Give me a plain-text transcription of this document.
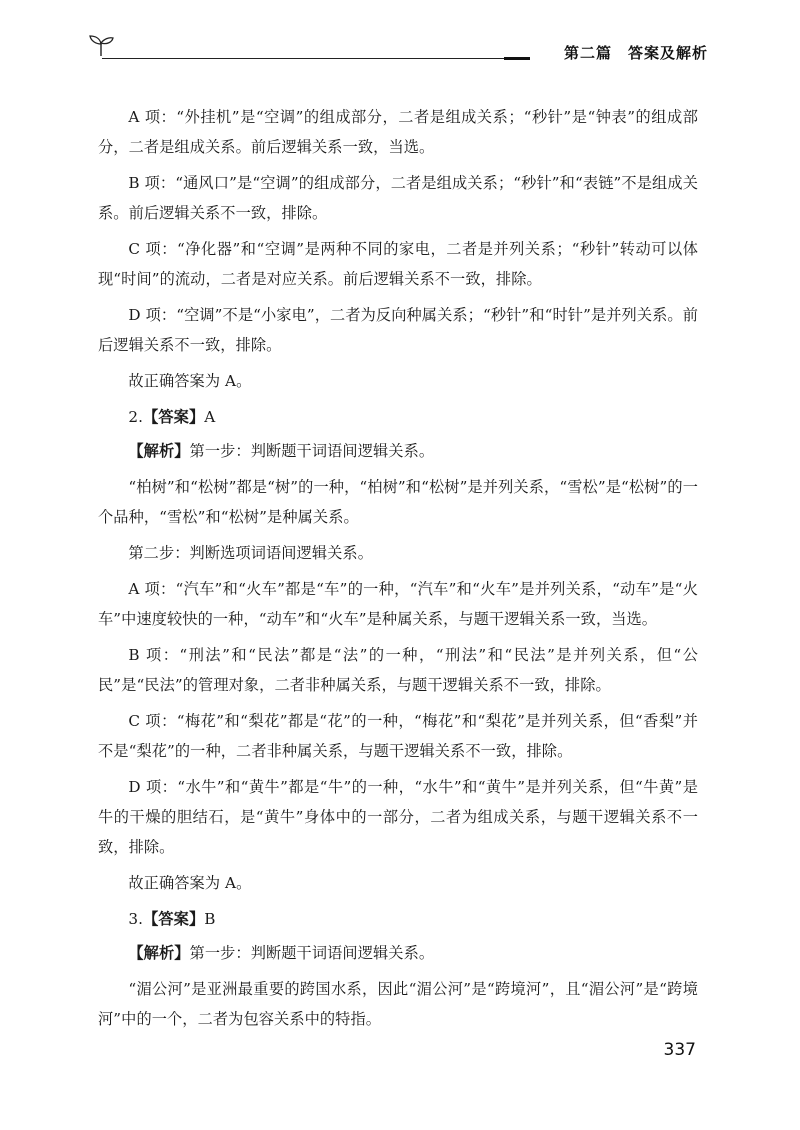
第二篇　答案及解析

A 项：“外挂机”是“空调”的组成部分，二者是组成关系；“秒针”是“钟表”的组成部分，二者是组成关系。前后逻辑关系一致，当选。

B 项：“通风口”是“空调”的组成部分，二者是组成关系；“秒针”和“表链”不是组成关系。前后逻辑关系不一致，排除。

C 项：“净化器”和“空调”是两种不同的家电，二者是并列关系；“秒针”转动可以体现“时间”的流动，二者是对应关系。前后逻辑关系不一致，排除。

D 项：“空调”不是“小家电”，二者为反向种属关系；“秒针”和“时针”是并列关系。前后逻辑关系不一致，排除。

故正确答案为 A。

2.【答案】A

【解析】第一步：判断题干词语间逻辑关系。

“柏树”和“松树”都是“树”的一种，“柏树”和“松树”是并列关系，“雪松”是“松树”的一个品种，“雪松”和“松树”是种属关系。

第二步：判断选项词语间逻辑关系。

A 项：“汽车”和“火车”都是“车”的一种，“汽车”和“火车”是并列关系，“动车”是“火车”中速度较快的一种，“动车”和“火车”是种属关系，与题干逻辑关系一致，当选。

B 项：“刑法”和“民法”都是“法”的一种，“刑法”和“民法”是并列关系，但“公民”是“民法”的管理对象，二者非种属关系，与题干逻辑关系不一致，排除。

C 项：“梅花”和“梨花”都是“花”的一种，“梅花”和“梨花”是并列关系，但“香梨”并不是“梨花”的一种，二者非种属关系，与题干逻辑关系不一致，排除。

D 项：“水牛”和“黄牛”都是“牛”的一种，“水牛”和“黄牛”是并列关系，但“牛黄”是牛的干燥的胆结石，是“黄牛”身体中的一部分，二者为组成关系，与题干逻辑关系不一致，排除。

故正确答案为 A。

3.【答案】B

【解析】第一步：判断题干词语间逻辑关系。

“湄公河”是亚洲最重要的跨国水系，因此“湄公河”是“跨境河”，且“湄公河”是“跨境河”中的一个，二者为包容关系中的特指。

337
